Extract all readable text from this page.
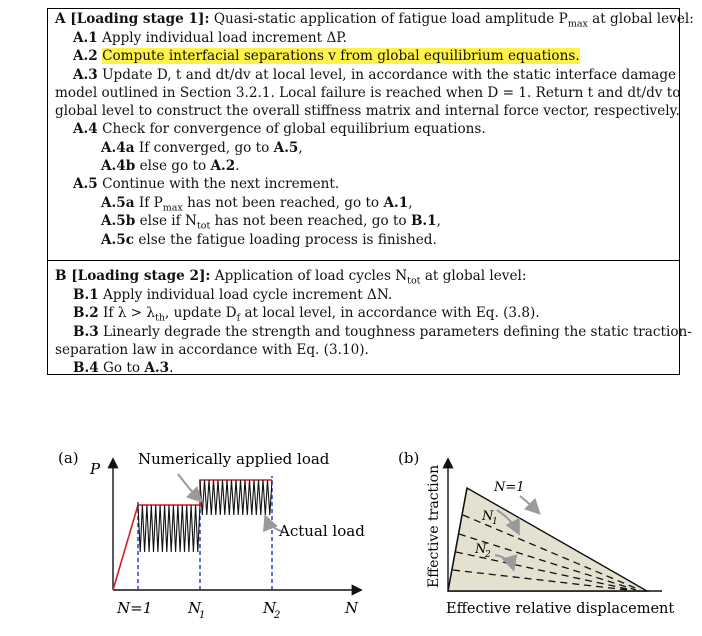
A [Loading stage 1]: Quasi-static application of fatigue load amplitude $P_{max}$ at global level:
A.1 Apply individual load increment ΔP.
A.2 Compute interfacial separations v from global equilibrium equations.
A.3 Update D, t and dt/dv at local level, in accordance with the static interface damage
model outlined in Section 3.2.1. Local failure is reached when D = 1. Return t and dt/dv to
global level to construct the overall stiffness matrix and internal force vector, respectively.
A.4 Check for convergence of global equilibrium equations.
A.4a If converged, go to A.5,
A.4b else go to A.2.
A.5 Continue with the next increment.
A.5a If $P_{max}$ has not been reached, go to A.1,
A.5b else if $N_{tot}$ has not been reached, go to B.1,
A.5c else the fatigue loading process is finished.
B [Loading stage 2]: Application of load cycles $N_{tot}$ at global level:
B.1 Apply individual load cycle increment ΔN.
B.2 If $\lambda > \lambda_{th}$, update $D_f$ at local level, in accordance with Eq. (3.8).
B.3 Linearly degrade the strength and toughness parameters defining the static traction-
separation law in accordance with Eq. (3.10).
B.4 Go to A.3.
(a)
P
Numerically applied load
Actual load
N=1 N
1	N
2	N
(b)
N=1
N
1
N
2
Effective traction
Effective relative displacement
